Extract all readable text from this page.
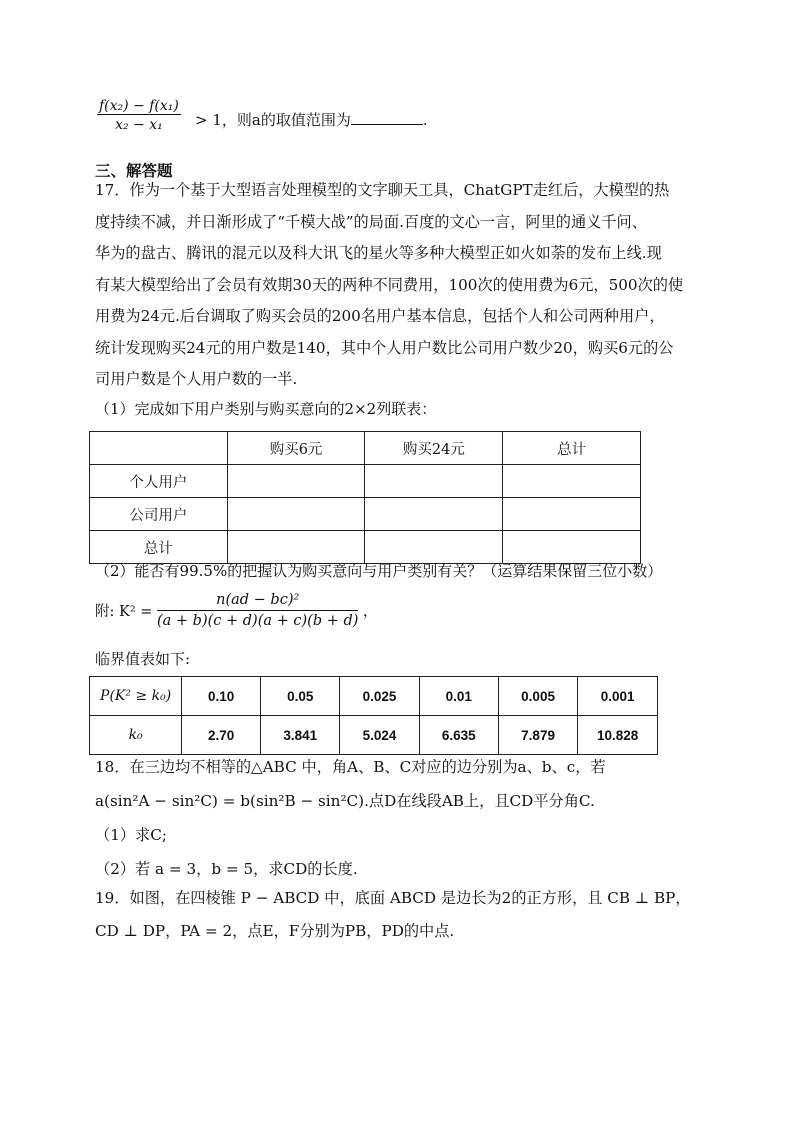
$\frac{\text{f(x₂) − f(x₁)}}{\text{x₂ − x₁}} > 1$，则a的取值范围为	.
三、解答题
17．作为一个基于大型语言处理模型的文字聊天工具，ChatGPT走红后，大模型的热
度持续不减，并日渐形成了“千模大战”的局面.百度的文心一言，阿里的通义千问、
华为的盘古、腾讯的混元以及科大讯飞的星火等多种大模型正如火如荼的发布上线.现
有某大模型给出了会员有效期30天的两种不同费用，100次的使用费为6元，500次的使
用费为24元.后台调取了购买会员的200名用户基本信息，包括个人和公司两种用户，
统计发现购买24元的用户数是140，其中个人用户数比公司用户数少20，购买6元的公
司用户数是个人用户数的一半.
（1）完成如下用户类别与购买意向的2×2列联表：
	购买6元	购买24元	总计
个人用户			
公司用户			
总计			
（2）能否有99.5%的把握认为购买意向与用户类别有关？（运算结果保留三位小数）
附: $K^2 = \frac{\text{n(ad − bc)²}}{(a + b)(c + d)(a + c)(b + d)}$ ，
临界值表如下:
P(K² ≥ k₀)	0.10	0.05	0.025	0.01	0.005	0.001
k₀	2.70	3.841	5.024	6.635	7.879	10.828
18．在三边均不相等的△ABC 中，角A、B、C对应的边分别为a、b、c，若
a(sin²A − sin²C) = b(sin²B − sin²C).点D在线段AB上，且CD平分角C.
（1）求C;
（2）若 a = 3，b = 5，求CD的长度.
19．如图，在四棱锥 P − ABCD 中，底面 ABCD 是边长为2的正方形，且 CB ⊥ BP，
CD ⊥ DP，PA = 2，点E，F分别为PB，PD的中点.
